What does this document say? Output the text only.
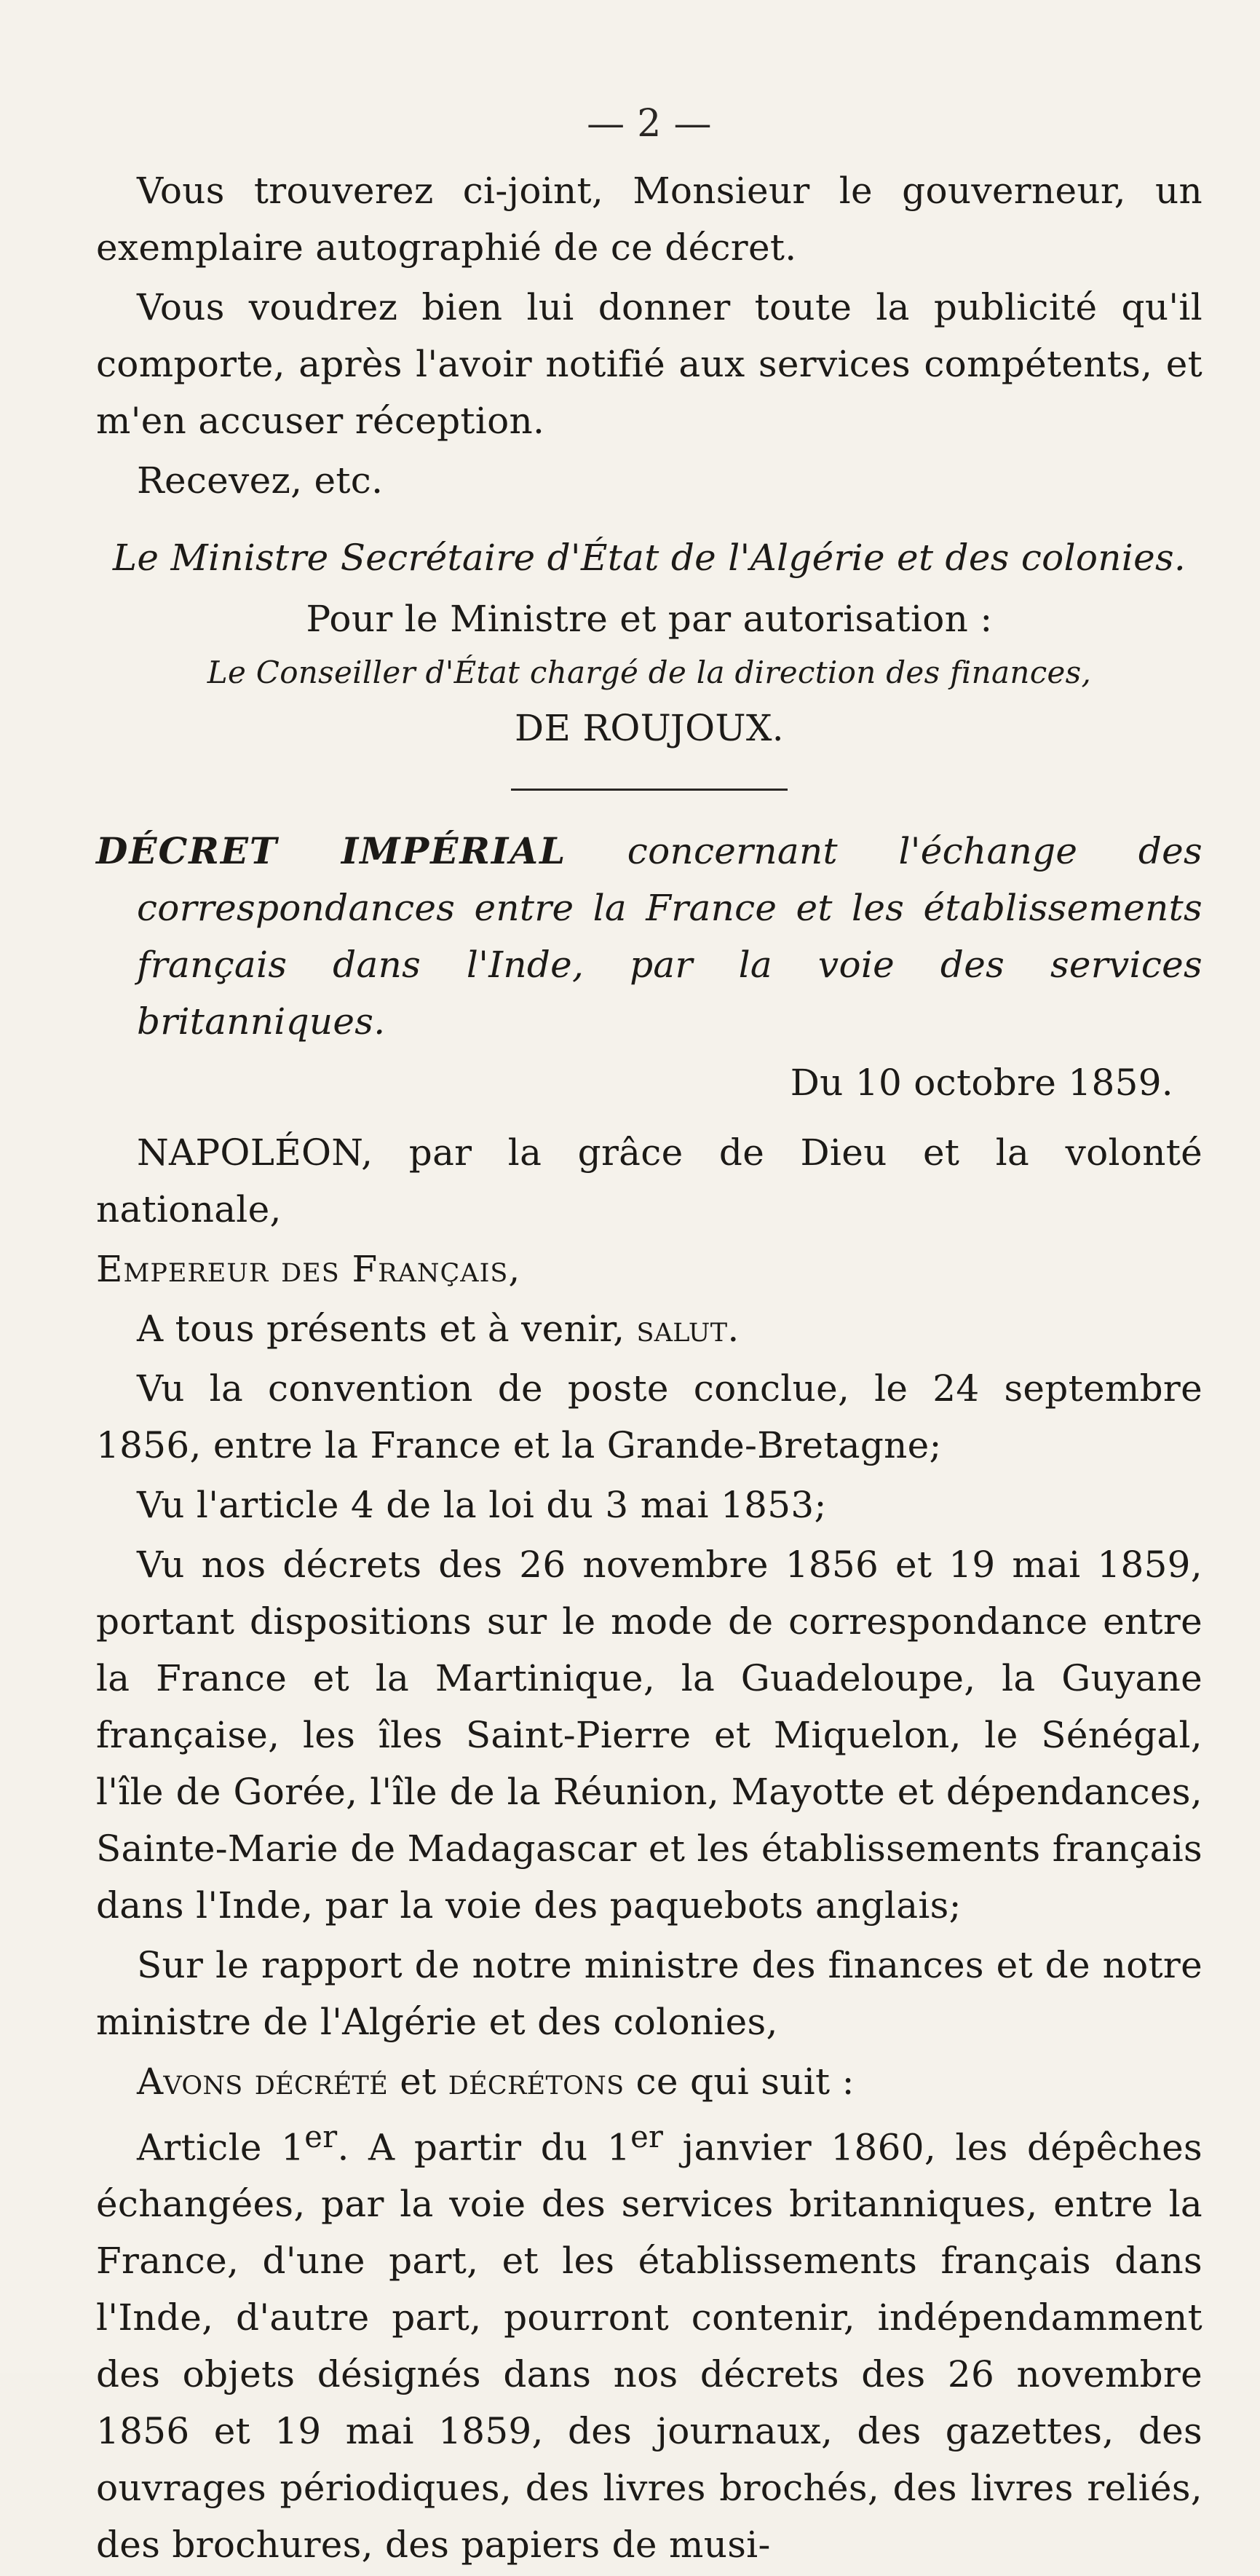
— 2 —

Vous trouverez ci-joint, Monsieur le gouverneur, un exemplaire autographié de ce décret.

Vous voudrez bien lui donner toute la publicité qu'il comporte, après l'avoir notifié aux services compétents, et m'en accuser réception.

Recevez, etc.

Le Ministre Secrétaire d'État de l'Algérie et des colonies.
Pour le Ministre et par autorisation :
Le Conseiller d'État chargé de la direction des finances,
DE ROUJOUX.

DÉCRET IMPÉRIAL concernant l'échange des correspondances entre la France et les établissements français dans l'Inde, par la voie des services britanniques.

Du 10 octobre 1859.

NAPOLÉON, par la grâce de Dieu et la volonté nationale,

Empereur des Français,

A tous présents et à venir, salut.

Vu la convention de poste conclue, le 24 septembre 1856, entre la France et la Grande-Bretagne;

Vu l'article 4 de la loi du 3 mai 1853;

Vu nos décrets des 26 novembre 1856 et 19 mai 1859, portant dispositions sur le mode de correspondance entre la France et la Martinique, la Guadeloupe, la Guyane française, les îles Saint-Pierre et Miquelon, le Sénégal, l'île de Gorée, l'île de la Réunion, Mayotte et dépendances, Sainte-Marie de Madagascar et les établissements français dans l'Inde, par la voie des paquebots anglais;

Sur le rapport de notre ministre des finances et de notre ministre de l'Algérie et des colonies,

Avons décrété et décrétons ce qui suit :

Article 1er. A partir du 1er janvier 1860, les dépêches échangées, par la voie des services britanniques, entre la France, d'une part, et les établissements français dans l'Inde, d'autre part, pourront contenir, indépendamment des objets désignés dans nos décrets des 26 novembre 1856 et 19 mai 1859, des journaux, des gazettes, des ouvrages périodiques, des livres brochés, des livres reliés, des brochures, des papiers de musi-
